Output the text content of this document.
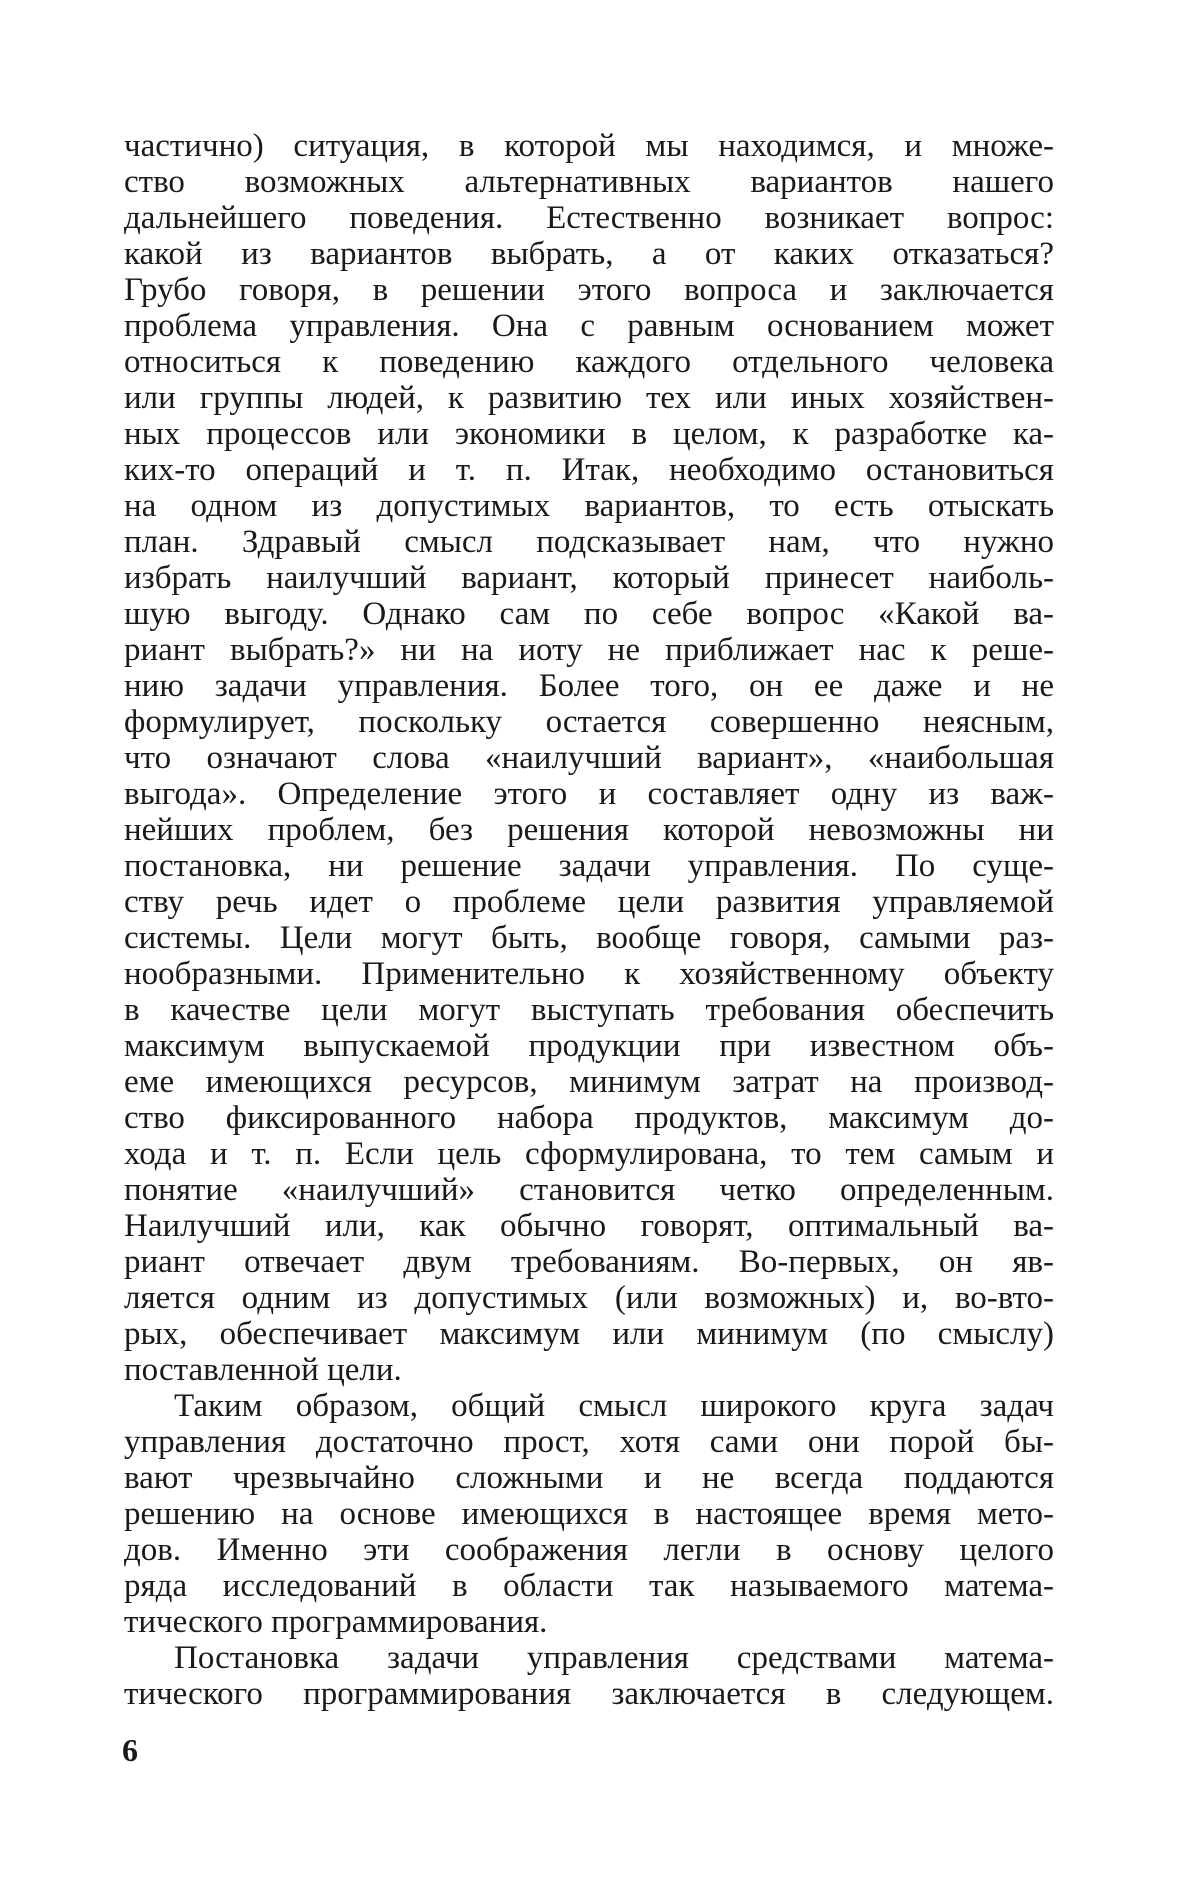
частично) ситуация, в которой мы находимся, и множе-
ство возможных альтернативных вариантов нашего
дальнейшего поведения. Естественно возникает вопрос:
какой из вариантов выбрать, а от каких отказаться?
Грубо говоря, в решении этого вопроса и заключается
проблема управления. Она с равным основанием может
относиться к поведению каждого отдельного человека
или группы людей, к развитию тех или иных хозяйствен-
ных процессов или экономики в целом, к разработке ка-
ких-то операций и т. п. Итак, необходимо остановиться
на одном из допустимых вариантов, то есть отыскать
план. Здравый смысл подсказывает нам, что нужно
избрать наилучший вариант, который принесет наиболь-
шую выгоду. Однако сам по себе вопрос «Какой ва-
риант выбрать?» ни на иоту не приближает нас к реше-
нию задачи управления. Более того, он ее даже и не
формулирует, поскольку остается совершенно неясным,
что означают слова «наилучший вариант», «наибольшая
выгода». Определение этого и составляет одну из важ-
нейших проблем, без решения которой невозможны ни
постановка, ни решение задачи управления. По суще-
ству речь идет о проблеме цели развития управляемой
системы. Цели могут быть, вообще говоря, самыми раз-
нообразными. Применительно к хозяйственному объекту
в качестве цели могут выступать требования обеспечить
максимум выпускаемой продукции при известном объ-
еме имеющихся ресурсов, минимум затрат на производ-
ство фиксированного набора продуктов, максимум до-
хода и т. п. Если цель сформулирована, то тем самым и
понятие «наилучший» становится четко определенным.
Наилучший или, как обычно говорят, оптимальный ва-
риант отвечает двум требованиям. Во-первых, он яв-
ляется одним из допустимых (или возможных) и, во-вто-
рых, обеспечивает максимум или минимум (по смыслу)
поставленной цели.
Таким образом, общий смысл широкого круга задач
управления достаточно прост, хотя сами они порой бы-
вают чрезвычайно сложными и не всегда поддаются
решению на основе имеющихся в настоящее время мето-
дов. Именно эти соображения легли в основу целого
ряда исследований в области так называемого матема-
тического программирования.
Постановка задачи управления средствами матема-
тического программирования заключается в следующем.
6
